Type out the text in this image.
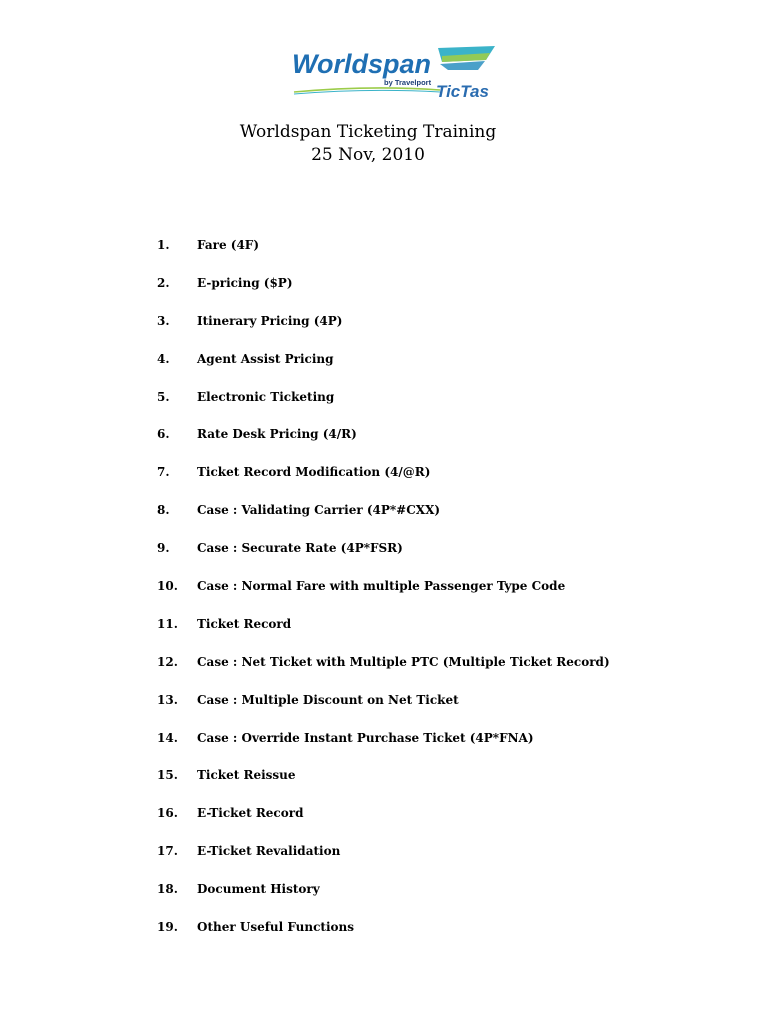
Worldspan
by Travelport TicTas
Worldspan Ticketing Training
25 Nov, 2010
1. Fare (4F)
2. E-pricing ($P)
3. Itinerary Pricing (4P)
4. Agent Assist Pricing
5. Electronic Ticketing
6. Rate Desk Pricing (4/R)
7. Ticket Record Modification (4/@R)
8. Case : Validating Carrier (4P*#CXX)
9. Case : Securate Rate (4P*FSR)
10. Case : Normal Fare with multiple Passenger Type Code
11. Ticket Record
12. Case : Net Ticket with Multiple PTC (Multiple Ticket Record)
13. Case : Multiple Discount on Net Ticket
14. Case : Override Instant Purchase Ticket (4P*FNA)
15. Ticket Reissue
16. E-Ticket Record
17. E-Ticket Revalidation
18. Document History
19. Other Useful Functions
